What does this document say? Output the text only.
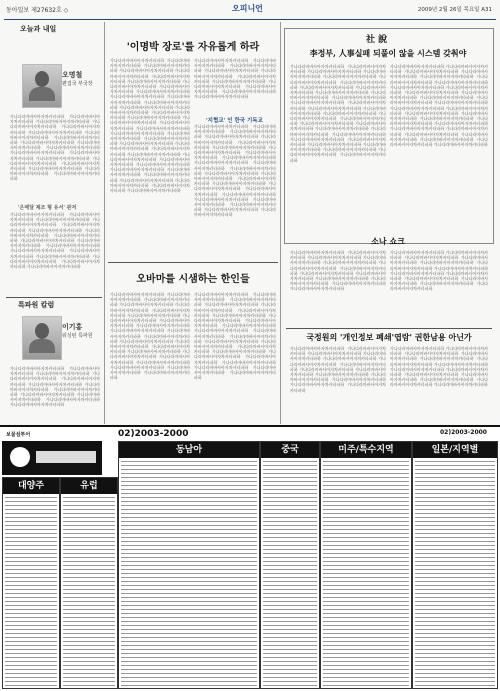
동아일보 제27632호 ◇	오피니언	2009년 2월 26일 목요일 A31
오늘과 내일
오명철
편집국 부국장
가나다라마바사아자차카타파하 가나다라마바사아자차카타파하 가나다라마바사아자차카타파하 가나다라마바사아자차카타파하 가나다라마바사아자차카타파하 가나다라마바사아자차카타파하 가나다라마바사아자차카타파하 가나다라마바사아자차카타파하 가나다라마바사아자차카타파하 가나다라마바사아자차카타파하 가나다라마바사아자차카타파하 가나다라마바사아자차카타파하 가나다라마바사아자차카타파하 가나다라마바사아자차카타파하 가나다라마바사아자차카타파하 가나다라마바사아자차카타파하 가나다라마바사아자차카타파하 가나다라마바사아자차카타파하 가나다라마바사아자차카타파하
'은메달 제조 형 유서' 관저
가나다라마바사아자차카타파하 가나다라마바사아자차카타파하 가나다라마바사아자차카타파하 가나다라마바사아자차카타파하 가나다라마바사아자차카타파하 가나다라마바사아자차카타파하 가나다라마바사아자차카타파하 가나다라마바사아자차카타파하 가나다라마바사아자차카타파하 가나다라마바사아자차카타파하 가나다라마바사아자차카타파하 가나다라마바사아자차카타파하 가나다라마바사아자차카타파하 가나다라마바사아자차카타파하 가나다라마바사아자차카타파하 가나다라마바사아자차카타파하 가나다라마바사아자차카타파하
특파원 칼럼
이기홍
워싱턴 특파원
가나다라마바사아자차카타파하 가나다라마바사아자차카타파하 가나다라마바사아자차카타파하 가나다라마바사아자차카타파하 가나다라마바사아자차카타파하 가나다라마바사아자차카타파하 가나다라마바사아자차카타파하 가나다라마바사아자차카타파하 가나다라마바사아자차카타파하 가나다라마바사아자차카타파하 가나다라마바사아자차카타파하 가나다라마바사아자차카타파하
'이명박 장로'를 자유롭게 하라
가나다라마바사아자차카타파하 가나다라마바사아자차카타파하 가나다라마바사아자차카타파하 가나다라마바사아자차카타파하 가나다라마바사아자차카타파하 가나다라마바사아자차카타파하 가나다라마바사아자차카타파하 가나다라마바사아자차카타파하 가나다라마바사아자차카타파하 가나다라마바사아자차카타파하 가나다라마바사아자차카타파하 가나다라마바사아자차카타파하 가나다라마바사아자차카타파하 가나다라마바사아자차카타파하 가나다라마바사아자차카타파하 가나다라마바사아자차카타파하 가나다라마바사아자차카타파하 가나다라마바사아자차카타파하 가나다라마바사아자차카타파하 가나다라마바사아자차카타파하 가나다라마바사아자차카타파하 가나다라마바사아자차카타파하 가나다라마바사아자차카타파하 가나다라마바사아자차카타파하 가나다라마바사아자차카타파하 가나다라마바사아자차카타파하 가나다라마바사아자차카타파하 가나다라마바사아자차카타파하 가나다라마바사아자차카타파하 가나다라마바사아자차카타파하 가나다라마바사아자차카타파하 가나다라마바사아자차카타파하 가나다라마바사아자차카타파하 가나다라마바사아자차카타파하 가나다라마바사아자차카타파하 가나다라마바사아자차카타파하 가나다라마바사아자차카타파하
가나다라마바사아자차카타파하 가나다라마바사아자차카타파하 가나다라마바사아자차카타파하 가나다라마바사아자차카타파하 가나다라마바사아자차카타파하 가나다라마바사아자차카타파하 가나다라마바사아자차카타파하 가나다라마바사아자차카타파하 가나다라마바사아자차카타파하 가나다라마바사아자차카타파하 가나다라마바사아자차카타파하
'지협교' 인 한국 기독교
가나다라마바사아자차카타파하 가나다라마바사아자차카타파하 가나다라마바사아자차카타파하 가나다라마바사아자차카타파하 가나다라마바사아자차카타파하 가나다라마바사아자차카타파하 가나다라마바사아자차카타파하 가나다라마바사아자차카타파하 가나다라마바사아자차카타파하 가나다라마바사아자차카타파하 가나다라마바사아자차카타파하 가나다라마바사아자차카타파하 가나다라마바사아자차카타파하 가나다라마바사아자차카타파하 가나다라마바사아자차카타파하 가나다라마바사아자차카타파하 가나다라마바사아자차카타파하 가나다라마바사아자차카타파하 가나다라마바사아자차카타파하 가나다라마바사아자차카타파하 가나다라마바사아자차카타파하 가나다라마바사아자차카타파하 가나다라마바사아자차카타파하 가나다라마바사아자차카타파하 가나다라마바사아자차카타파하
오바마를 시샘하는 한인들
가나다라마바사아자차카타파하 가나다라마바사아자차카타파하 가나다라마바사아자차카타파하 가나다라마바사아자차카타파하 가나다라마바사아자차카타파하 가나다라마바사아자차카타파하 가나다라마바사아자차카타파하 가나다라마바사아자차카타파하 가나다라마바사아자차카타파하 가나다라마바사아자차카타파하 가나다라마바사아자차카타파하 가나다라마바사아자차카타파하 가나다라마바사아자차카타파하 가나다라마바사아자차카타파하 가나다라마바사아자차카타파하 가나다라마바사아자차카타파하 가나다라마바사아자차카타파하 가나다라마바사아자차카타파하 가나다라마바사아자차카타파하 가나다라마바사아자차카타파하 가나다라마바사아자차카타파하 가나다라마바사아자차카타파하 가나다라마바사아자차카타파하
가나다라마바사아자차카타파하 가나다라마바사아자차카타파하 가나다라마바사아자차카타파하 가나다라마바사아자차카타파하 가나다라마바사아자차카타파하 가나다라마바사아자차카타파하 가나다라마바사아자차카타파하 가나다라마바사아자차카타파하 가나다라마바사아자차카타파하 가나다라마바사아자차카타파하 가나다라마바사아자차카타파하 가나다라마바사아자차카타파하 가나다라마바사아자차카타파하 가나다라마바사아자차카타파하 가나다라마바사아자차카타파하 가나다라마바사아자차카타파하 가나다라마바사아자차카타파하 가나다라마바사아자차카타파하 가나다라마바사아자차카타파하 가나다라마바사아자차카타파하 가나다라마바사아자차카타파하 가나다라마바사아자차카타파하 가나다라마바사아자차카타파하
社 說
李정부, 人事실패 되풀이 않을 시스템 갖춰야
가나다라마바사아자차카타파하 가나다라마바사아자차카타파하 가나다라마바사아자차카타파하 가나다라마바사아자차카타파하 가나다라마바사아자차카타파하 가나다라마바사아자차카타파하 가나다라마바사아자차카타파하 가나다라마바사아자차카타파하 가나다라마바사아자차카타파하 가나다라마바사아자차카타파하 가나다라마바사아자차카타파하 가나다라마바사아자차카타파하 가나다라마바사아자차카타파하 가나다라마바사아자차카타파하 가나다라마바사아자차카타파하 가나다라마바사아자차카타파하 가나다라마바사아자차카타파하 가나다라마바사아자차카타파하 가나다라마바사아자차카타파하 가나다라마바사아자차카타파하 가나다라마바사아자차카타파하 가나다라마바사아자차카타파하 가나다라마바사아자차카타파하 가나다라마바사아자차카타파하 가나다라마바사아자차카타파하 가나다라마바사아자차카타파하 가나다라마바사아자차카타파하 가나다라마바사아자차카타파하 가나다라마바사아자차카타파하 가나다라마바사아자차카타파하 가나다라마바사아자차카타파하
가나다라마바사아자차카타파하 가나다라마바사아자차카타파하 가나다라마바사아자차카타파하 가나다라마바사아자차카타파하 가나다라마바사아자차카타파하 가나다라마바사아자차카타파하 가나다라마바사아자차카타파하 가나다라마바사아자차카타파하 가나다라마바사아자차카타파하 가나다라마바사아자차카타파하 가나다라마바사아자차카타파하 가나다라마바사아자차카타파하 가나다라마바사아자차카타파하 가나다라마바사아자차카타파하 가나다라마바사아자차카타파하 가나다라마바사아자차카타파하 가나다라마바사아자차카타파하 가나다라마바사아자차카타파하 가나다라마바사아자차카타파하 가나다라마바사아자차카타파하 가나다라마바사아자차카타파하 가나다라마바사아자차카타파하 가나다라마바사아자차카타파하 가나다라마바사아자차카타파하 가나다라마바사아자차카타파하 가나다라마바사아자차카타파하 가나다라마바사아자차카타파하 가나다라마바사아자차카타파하
소나 쇼크
가나다라마바사아자차카타파하 가나다라마바사아자차카타파하 가나다라마바사아자차카타파하 가나다라마바사아자차카타파하 가나다라마바사아자차카타파하 가나다라마바사아자차카타파하 가나다라마바사아자차카타파하 가나다라마바사아자차카타파하 가나다라마바사아자차카타파하 가나다라마바사아자차카타파하 가나다라마바사아자차카타파하 가나다라마바사아자차카타파하 가나다라마바사아자차카타파하
가나다라마바사아자차카타파하 가나다라마바사아자차카타파하 가나다라마바사아자차카타파하 가나다라마바사아자차카타파하 가나다라마바사아자차카타파하 가나다라마바사아자차카타파하 가나다라마바사아자차카타파하 가나다라마바사아자차카타파하 가나다라마바사아자차카타파하 가나다라마바사아자차카타파하 가나다라마바사아자차카타파하 가나다라마바사아자차카타파하 가나다라마바사아자차카타파하
국정원의 '개인정보 폐쇄'엽람' 권한남용 아닌가
가나다라마바사아자차카타파하 가나다라마바사아자차카타파하 가나다라마바사아자차카타파하 가나다라마바사아자차카타파하 가나다라마바사아자차카타파하 가나다라마바사아자차카타파하 가나다라마바사아자차카타파하 가나다라마바사아자차카타파하 가나다라마바사아자차카타파하 가나다라마바사아자차카타파하 가나다라마바사아자차카타파하 가나다라마바사아자차카타파하 가나다라마바사아자차카타파하 가나다라마바사아자차카타파하
가나다라마바사아자차카타파하 가나다라마바사아자차카타파하 가나다라마바사아자차카타파하 가나다라마바사아자차카타파하 가나다라마바사아자차카타파하 가나다라마바사아자차카타파하 가나다라마바사아자차카타파하 가나다라마바사아자차카타파하 가나다라마바사아자차카타파하 가나다라마바사아자차카타파하 가나다라마바사아자차카타파하 가나다라마바사아자차카타파하 가나다라마바사아자차카타파하 가나다라마바사아자차카타파하
보물섬투어	02)2003-2000	02)2003-2000
대양주	유럽
동남아	중국	미주/특수지역	일본/지역별
